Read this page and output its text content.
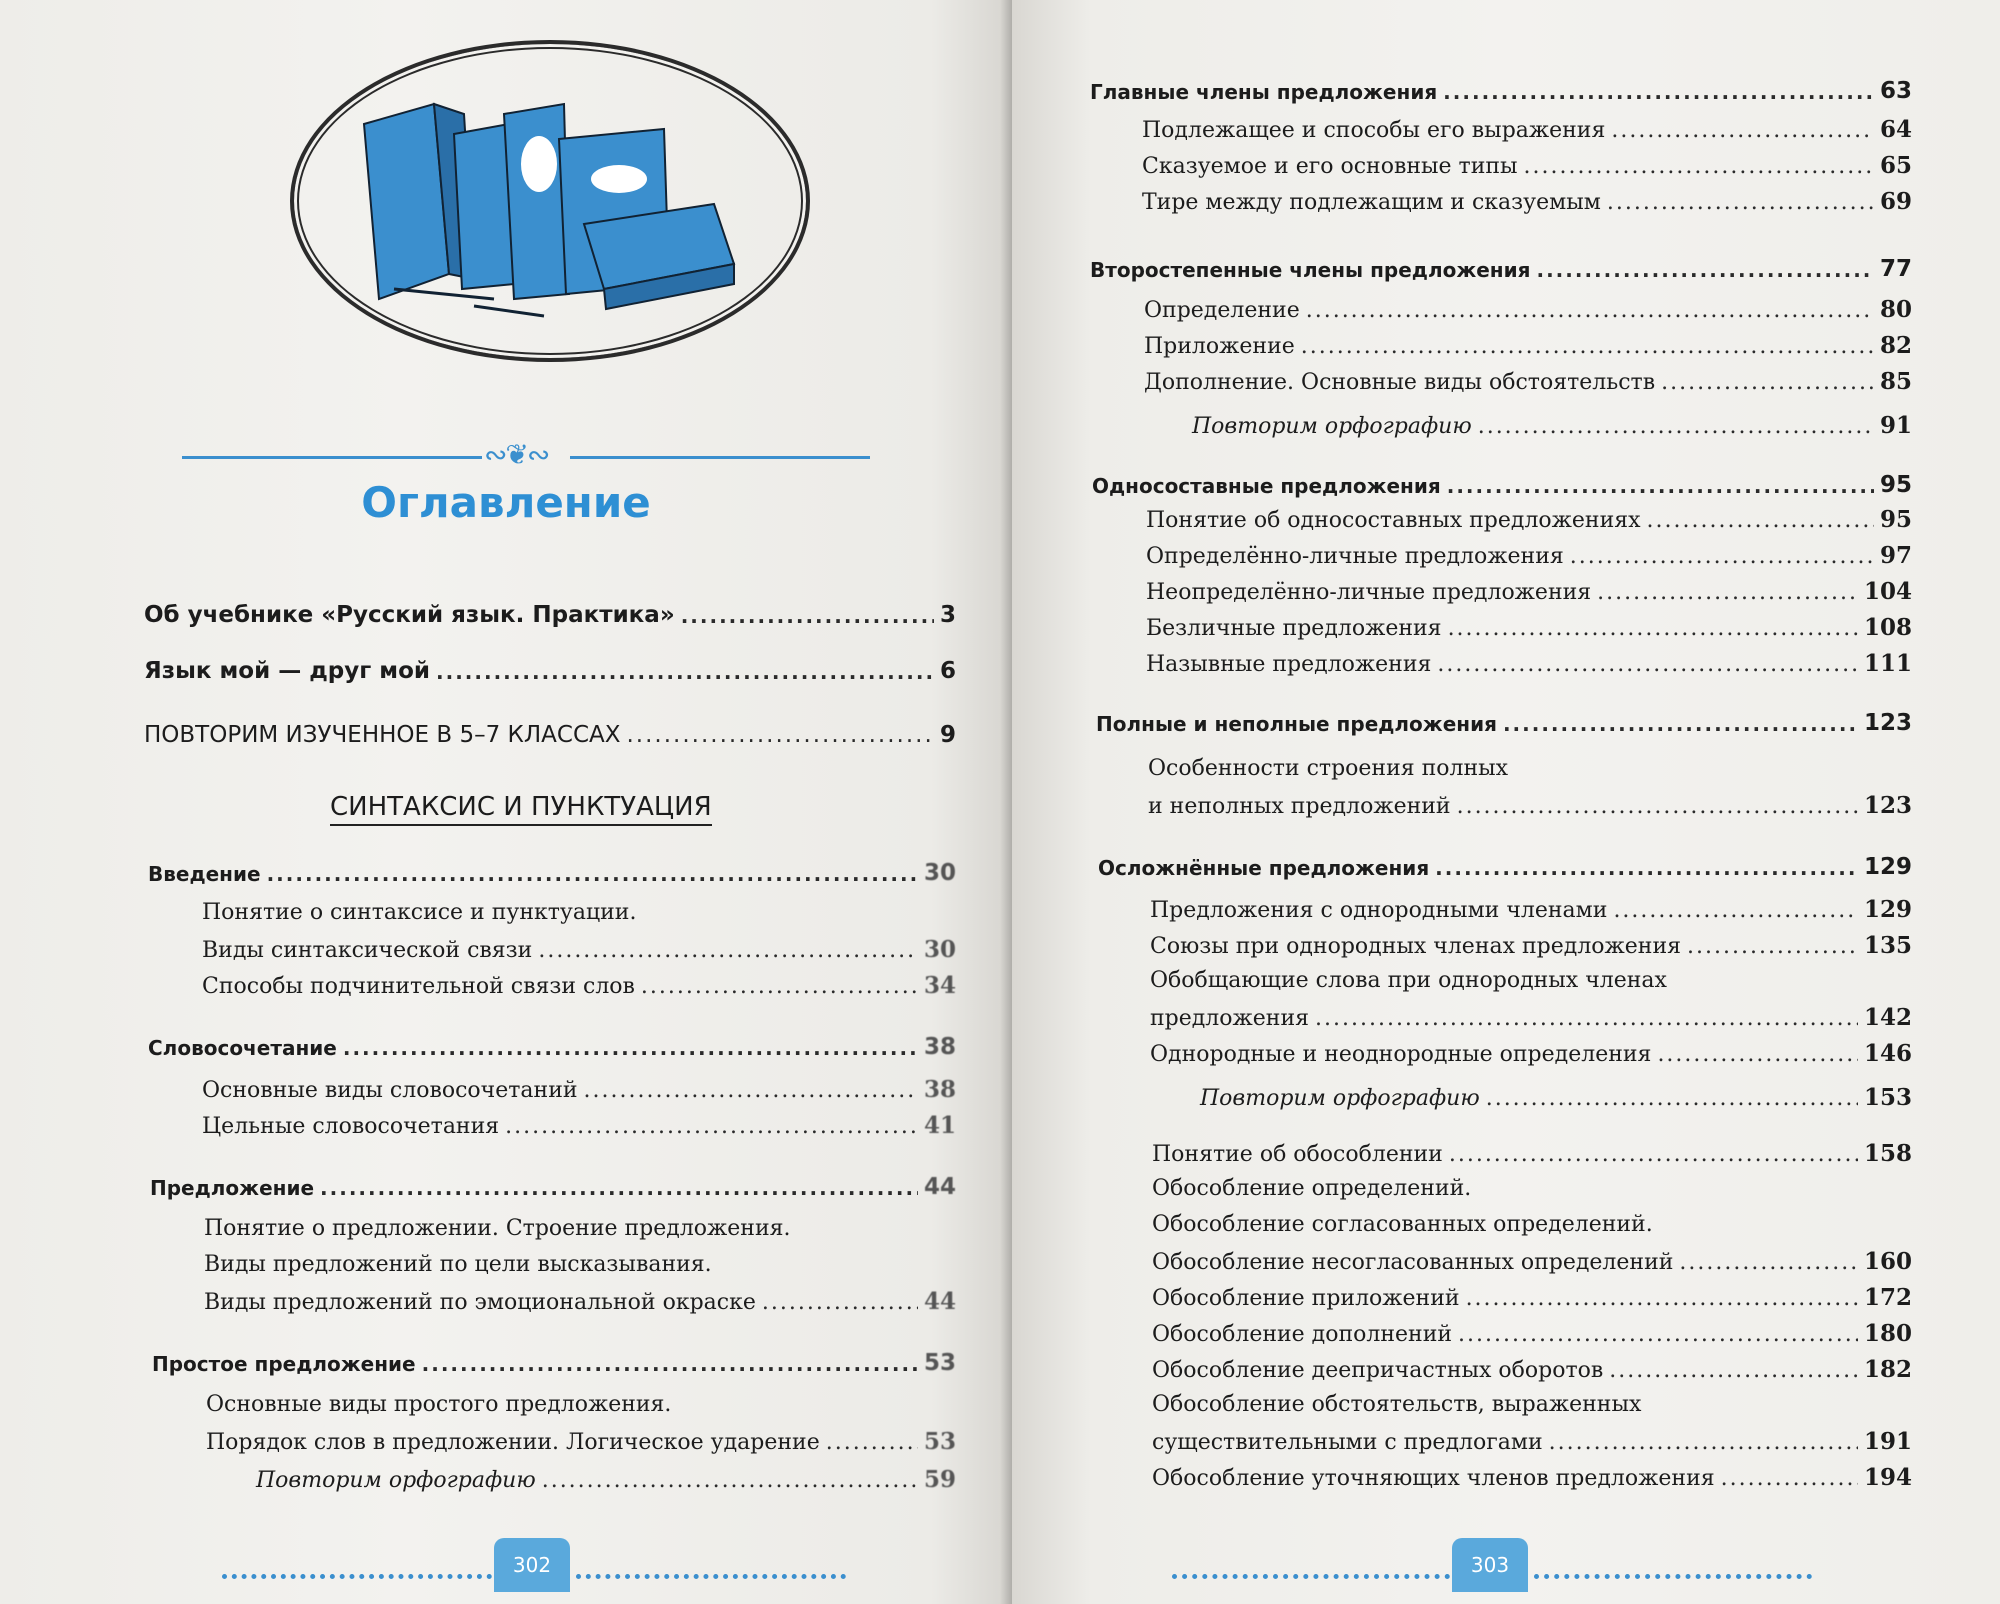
∾❦∾
Оглавление
Об учебнике «Русский язык. Практика» .....	3
Язык мой — друг мой .....	6
ПОВТОРИМ ИЗУЧЕННОЕ В 5–7 КЛАССАХ .....	9
СИНТАКСИС И ПУНКТУАЦИЯ
Введение .....	30
Понятие о синтаксисе и пунктуации.
Виды синтаксической связи .....	30
Способы подчинительной связи слов .....	34
Словосочетание .....	38
Основные виды словосочетаний .....	38
Цельные словосочетания .....	41
Предложение .....	44
Понятие о предложении. Строение предложения.
Виды предложений по цели высказывания.
Виды предложений по эмоциональной окраске .....	44
Простое предложение .....	53
Основные виды простого предложения.
Порядок слов в предложении. Логическое ударение .....	53
Повторим орфографию .....	59
302
Главные члены предложения .....	63
Подлежащее и способы его выражения .....	64
Сказуемое и его основные типы .....	65
Тире между подлежащим и сказуемым .....	69
Второстепенные члены предложения .....	77
Определение .....	80
Приложение .....	82
Дополнение. Основные виды обстоятельств .....	85
Повторим орфографию .....	91
Односоставные предложения .....	95
Понятие об односоставных предложениях .....	95
Определённо-личные предложения .....	97
Неопределённо-личные предложения .....	104
Безличные предложения .....	108
Назывные предложения .....	111
Полные и неполные предложения .....	123
Особенности строения полных
и неполных предложений .....	123
Осложнённые предложения .....	129
Предложения с однородными членами .....	129
Союзы при однородных членах предложения .....	135
Обобщающие слова при однородных членах
предложения .....	142
Однородные и неоднородные определения .....	146
Повторим орфографию .....	153
Понятие об обособлении .....	158
Обособление определений.
Обособление согласованных определений.
Обособление несогласованных определений .....	160
Обособление приложений .....	172
Обособление дополнений .....	180
Обособление деепричастных оборотов .....	182
Обособление обстоятельств, выраженных
существительными с предлогами .....	191
Обособление уточняющих членов предложения .....	194
303
